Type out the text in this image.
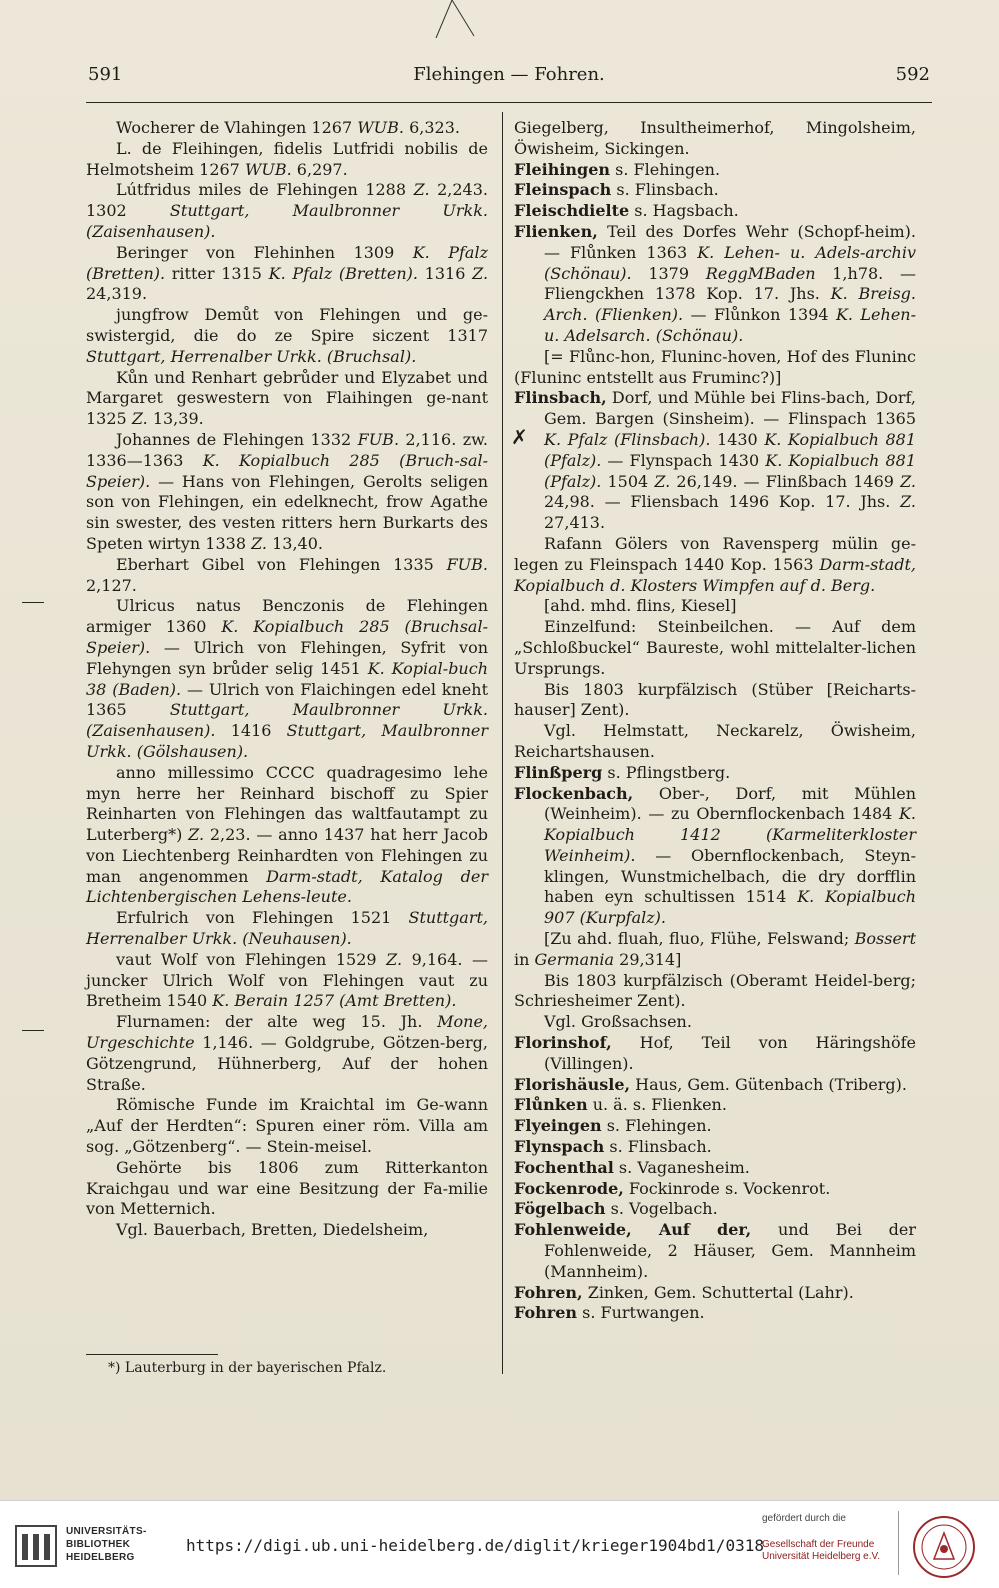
591	Flehingen — Fohren.	592
✗

Wocherer de Vlahingen 1267 WUB. 6,323.

L. de Fleihingen, fidelis Lutfridi nobilis de Helmotsheim 1267 WUB. 6,297.

Lútfridus miles de Flehingen 1288 Z. 2,243. 1302 Stuttgart, Maulbronner Urkk. (Zaisenhausen).

Beringer von Flehinhen 1309 K. Pfalz (Bretten). ritter 1315 K. Pfalz (Bretten). 1316 Z. 24,319.

jungfrow Demůt von Flehingen und ge-swistergid, die do ze Spire siczent 1317 Stuttgart, Herrenalber Urkk. (Bruchsal).

Kůn und Renhart gebrůder und Elyzabet und Margaret geswestern von Flaihingen ge-nant 1325 Z. 13,39.

Johannes de Flehingen 1332 FUB. 2,116. zw. 1336—1363 K. Kopialbuch 285 (Bruch-sal-Speier). — Hans von Flehingen, Gerolts seligen son von Flehingen, ein edelknecht, frow Agathe sin swester, des vesten ritters hern Burkarts des Speten wirtyn 1338 Z. 13,40.

Eberhart Gibel von Flehingen 1335 FUB. 2,127.

Ulricus natus Benczonis de Flehingen armiger 1360 K. Kopialbuch 285 (Bruchsal-Speier). — Ulrich von Flehingen, Syfrit von Flehyngen syn brůder selig 1451 K. Kopial-buch 38 (Baden). — Ulrich von Flaichingen edel kneht 1365 Stuttgart, Maulbronner Urkk. (Zaisenhausen). 1416 Stuttgart, Maulbronner Urkk. (Gölshausen).

anno millessimo CCCC quadragesimo lehe myn herre her Reinhard bischoff zu Spier Reinharten von Flehingen das waltfautampt zu Luterberg*) Z. 2,23. — anno 1437 hat herr Jacob von Liechtenberg Reinhardten von Flehingen zu man angenommen Darm-stadt, Katalog der Lichtenbergischen Lehens-leute.

Erfulrich von Flehingen 1521 Stuttgart, Herrenalber Urkk. (Neuhausen).

vaut Wolf von Flehingen 1529 Z. 9,164. — juncker Ulrich Wolf von Flehingen vaut zu Bretheim 1540 K. Berain 1257 (Amt Bretten).

Flurnamen: der alte weg 15. Jh. Mone, Urgeschichte 1,146. — Goldgrube, Götzen-berg, Götzengrund, Hühnerberg, Auf der hohen Straße.

Römische Funde im Kraichtal im Ge-wann „Auf der Herdten“: Spuren einer röm. Villa am sog. „Götzenberg“. — Stein-meisel.

Gehörte bis 1806 zum Ritterkanton Kraichgau und war eine Besitzung der Fa-milie von Metternich.

Vgl. Bauerbach, Bretten, Diedelsheim,

Giegelberg, Insultheimerhof, Mingolsheim, Öwisheim, Sickingen.

Fleihingen s. Flehingen.

Fleinspach s. Flinsbach.

Fleischdielte s. Hagsbach.

Flienken, Teil des Dorfes Wehr (Schopf-heim). — Flůnken 1363 K. Lehen- u. Adels-archiv (Schönau). 1379 ReggMBaden 1,h78. — Fliengckhen 1378 Kop. 17. Jhs. K. Breisg. Arch. (Flienken). — Flůnkon 1394 K. Lehen- u. Adelsarch. (Schönau).

[= Flůnc-hon, Fluninc-hoven, Hof des Fluninc (Fluninc entstellt aus Fruminc?)]

Flinsbach, Dorf, und Mühle bei Flins-bach, Dorf, Gem. Bargen (Sinsheim). — Flinspach 1365 K. Pfalz (Flinsbach). 1430 K. Kopialbuch 881 (Pfalz). — Flynspach 1430 K. Kopialbuch 881 (Pfalz). 1504 Z. 26,149. — Flinßbach 1469 Z. 24,98. — Fliensbach 1496 Kop. 17. Jhs. Z. 27,413.

Rafann Gölers von Ravensperg mülin ge-legen zu Fleinspach 1440 Kop. 1563 Darm-stadt, Kopialbuch d. Klosters Wimpfen auf d. Berg.

[ahd. mhd. flins, Kiesel]

Einzelfund: Steinbeilchen. — Auf dem „Schloßbuckel“ Baureste, wohl mittelalter-lichen Ursprungs.

Bis 1803 kurpfälzisch (Stüber [Reicharts-hauser] Zent).

Vgl. Helmstatt, Neckarelz, Öwisheim, Reichartshausen.

Flinßperg s. Pflingstberg.

Flockenbach, Ober-, Dorf, mit Mühlen (Weinheim). — zu Obernflockenbach 1484 K. Kopialbuch 1412 (Karmeliterkloster Weinheim). — Obernflockenbach, Steyn-klingen, Wunstmichelbach, die dry dorfflin haben eyn schultissen 1514 K. Kopialbuch 907 (Kurpfalz).

[Zu ahd. fluah, fluo, Flühe, Felswand; Bossert in Germania 29,314]

Bis 1803 kurpfälzisch (Oberamt Heidel-berg; Schriesheimer Zent).

Vgl. Großsachsen.

Florinshof, Hof, Teil von Häringshöfe (Villingen).

Florishäusle, Haus, Gem. Gütenbach (Triberg).

Flůnken u. ä. s. Flienken.

Flyeingen s. Flehingen.

Flynspach s. Flinsbach.

Fochenthal s. Vaganesheim.

Fockenrode, Fockinrode s. Vockenrot.

Fögelbach s. Vogelbach.

Fohlenweide, Auf der, und Bei der Fohlenweide, 2 Häuser, Gem. Mannheim (Mannheim).

Fohren, Zinken, Gem. Schuttertal (Lahr).

Fohren s. Furtwangen.

*) Lauterburg in der bayerischen Pfalz.
UNIVERSITÄTS-
BIBLIOTHEK
HEIDELBERG
https://digi.ub.uni-heidelberg.de/diglit/krieger1904bd1/0318
gefördert durch die
Gesellschaft der Freunde
Universität Heidelberg e.V.
